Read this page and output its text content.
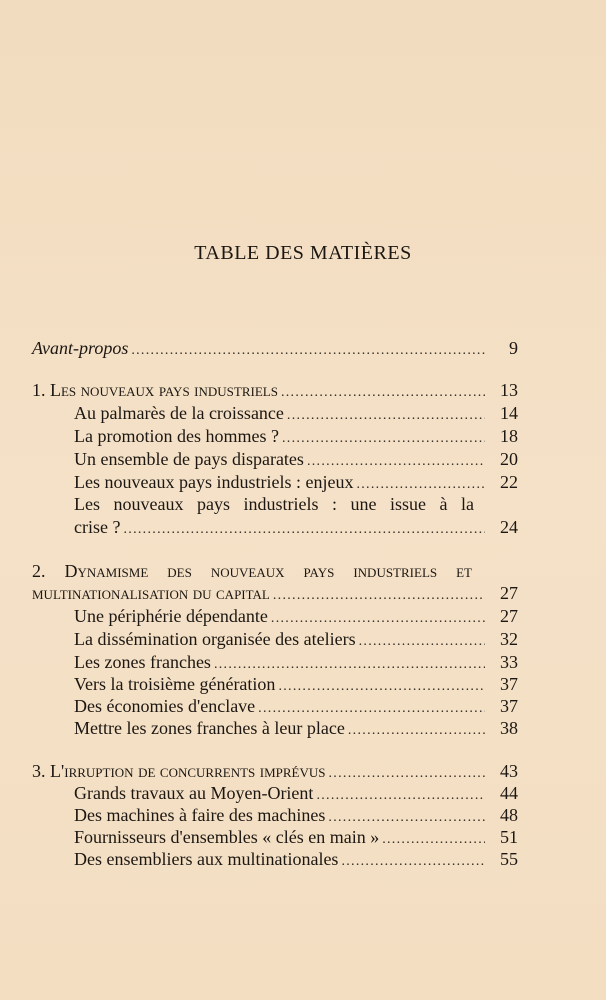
TABLE DES MATIÈRES
Avant-propos .....	9
1. Les nouveaux pays industriels .....	13
Au palmarès de la croissance .....	14
La promotion des hommes ? .....	18
Un ensemble de pays disparates .....	20
Les nouveaux pays industriels : enjeux .....	22
Les nouveaux pays industriels : une issue à la
crise ? .....	24
2. Dynamisme des nouveaux pays industriels et
multinationalisation du capital .....	27
Une périphérie dépendante .....	27
La dissémination organisée des ateliers .....	32
Les zones franches .....	33
Vers la troisième génération .....	37
Des économies d'enclave .....	37
Mettre les zones franches à leur place .....	38
3. L'irruption de concurrents imprévus .....	43
Grands travaux au Moyen-Orient .....	44
Des machines à faire des machines .....	48
Fournisseurs d'ensembles « clés en main » .....	51
Des ensembliers aux multinationales .....	55
